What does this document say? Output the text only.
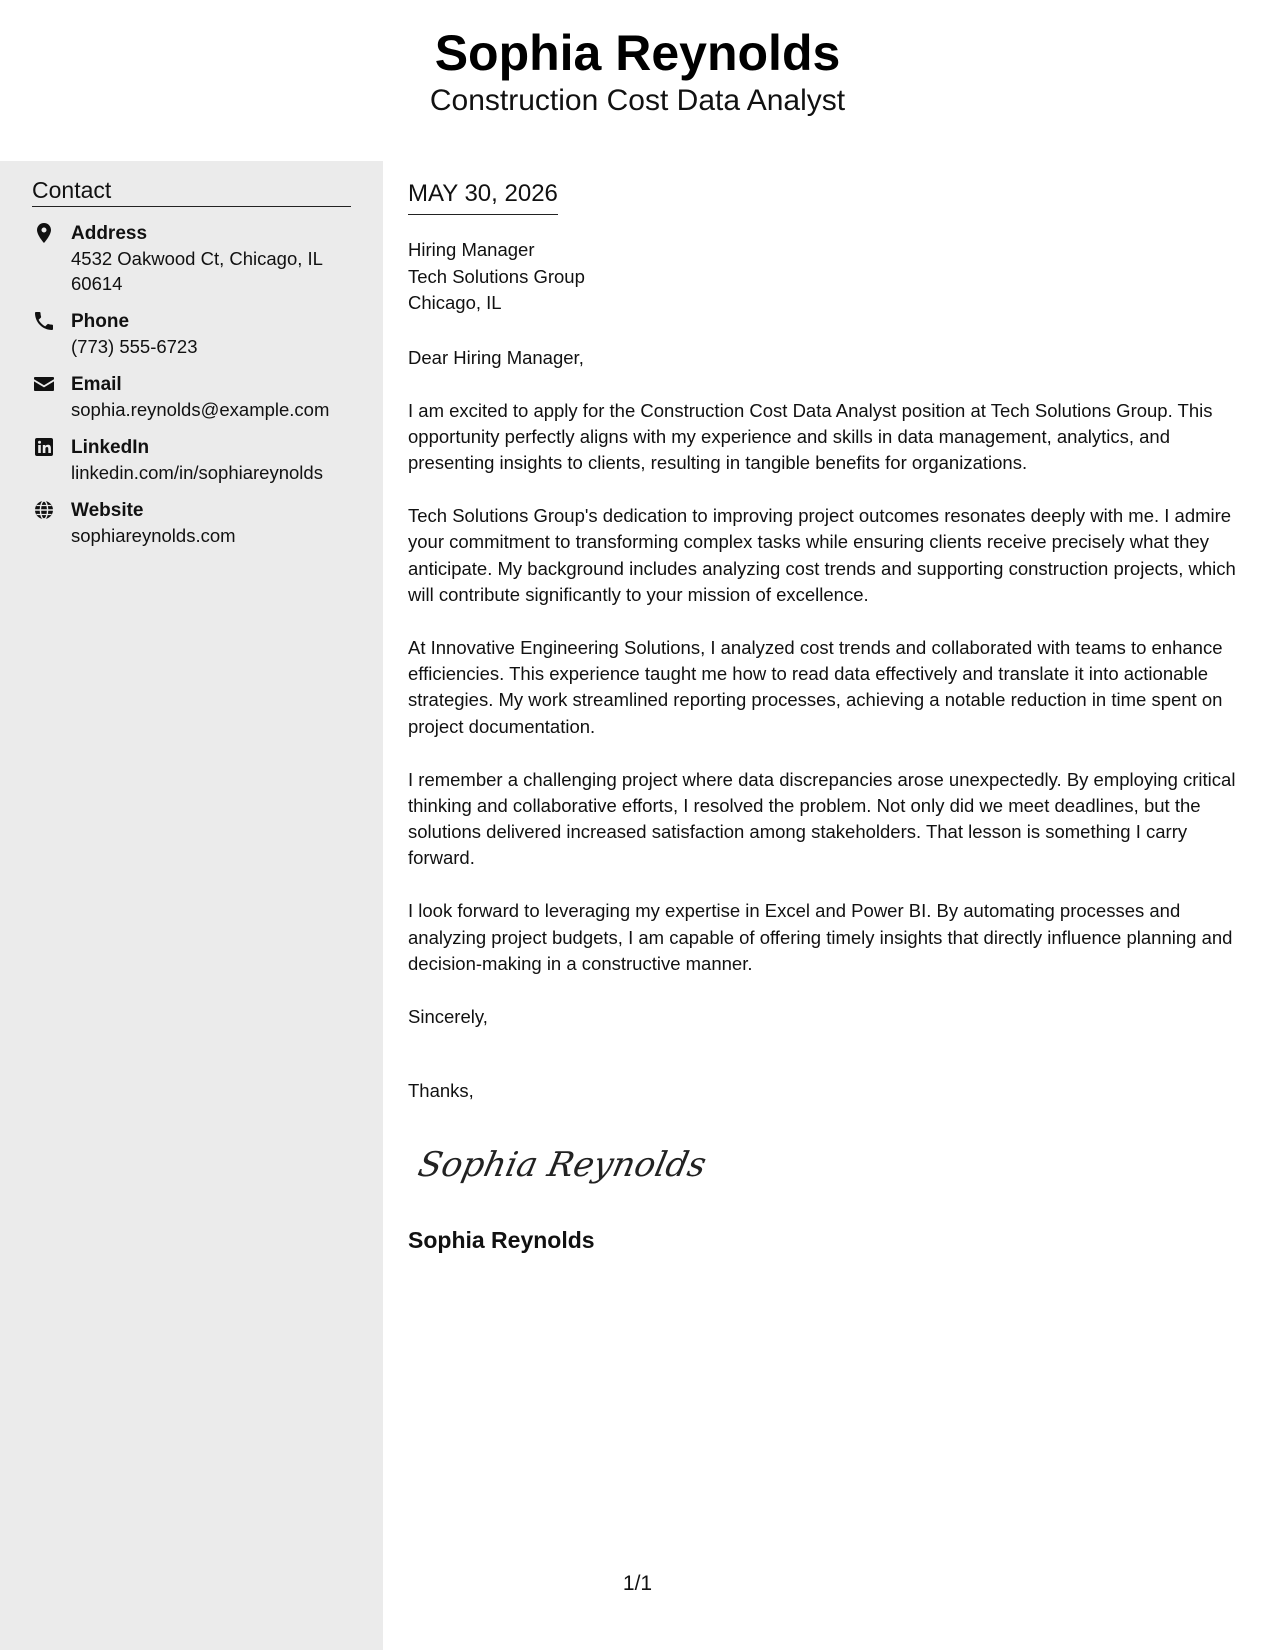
Sophia Reynolds
Construction Cost Data Analyst
Contact
Address
4532 Oakwood Ct, Chicago, IL 60614
Phone
(773) 555-6723
Email
sophia.reynolds@example.com
LinkedIn
linkedin.com/in/sophiareynolds
Website
sophiareynolds.com
MAY 30, 2026
Hiring Manager
Tech Solutions Group
Chicago, IL

Dear Hiring Manager,

I am excited to apply for the Construction Cost Data Analyst position at Tech Solutions Group. This opportunity perfectly aligns with my experience and skills in data management, analytics, and presenting insights to clients, resulting in tangible benefits for organizations.

Tech Solutions Group's dedication to improving project outcomes resonates deeply with me. I admire your commitment to transforming complex tasks while ensuring clients receive precisely what they anticipate. My background includes analyzing cost trends and supporting construction projects, which will contribute significantly to your mission of excellence.

At Innovative Engineering Solutions, I analyzed cost trends and collaborated with teams to enhance efficiencies. This experience taught me how to read data effectively and translate it into actionable strategies. My work streamlined reporting processes, achieving a notable reduction in time spent on project documentation.

I remember a challenging project where data discrepancies arose unexpectedly. By employing critical thinking and collaborative efforts, I resolved the problem. Not only did we meet deadlines, but the solutions delivered increased satisfaction among stakeholders. That lesson is something I carry forward.

I look forward to leveraging my expertise in Excel and Power BI. By automating processes and analyzing project budgets, I am capable of offering timely insights that directly influence planning and decision-making in a constructive manner.

Sincerely,

Thanks,

Sophia Reynolds
Sophia Reynolds
1/1
